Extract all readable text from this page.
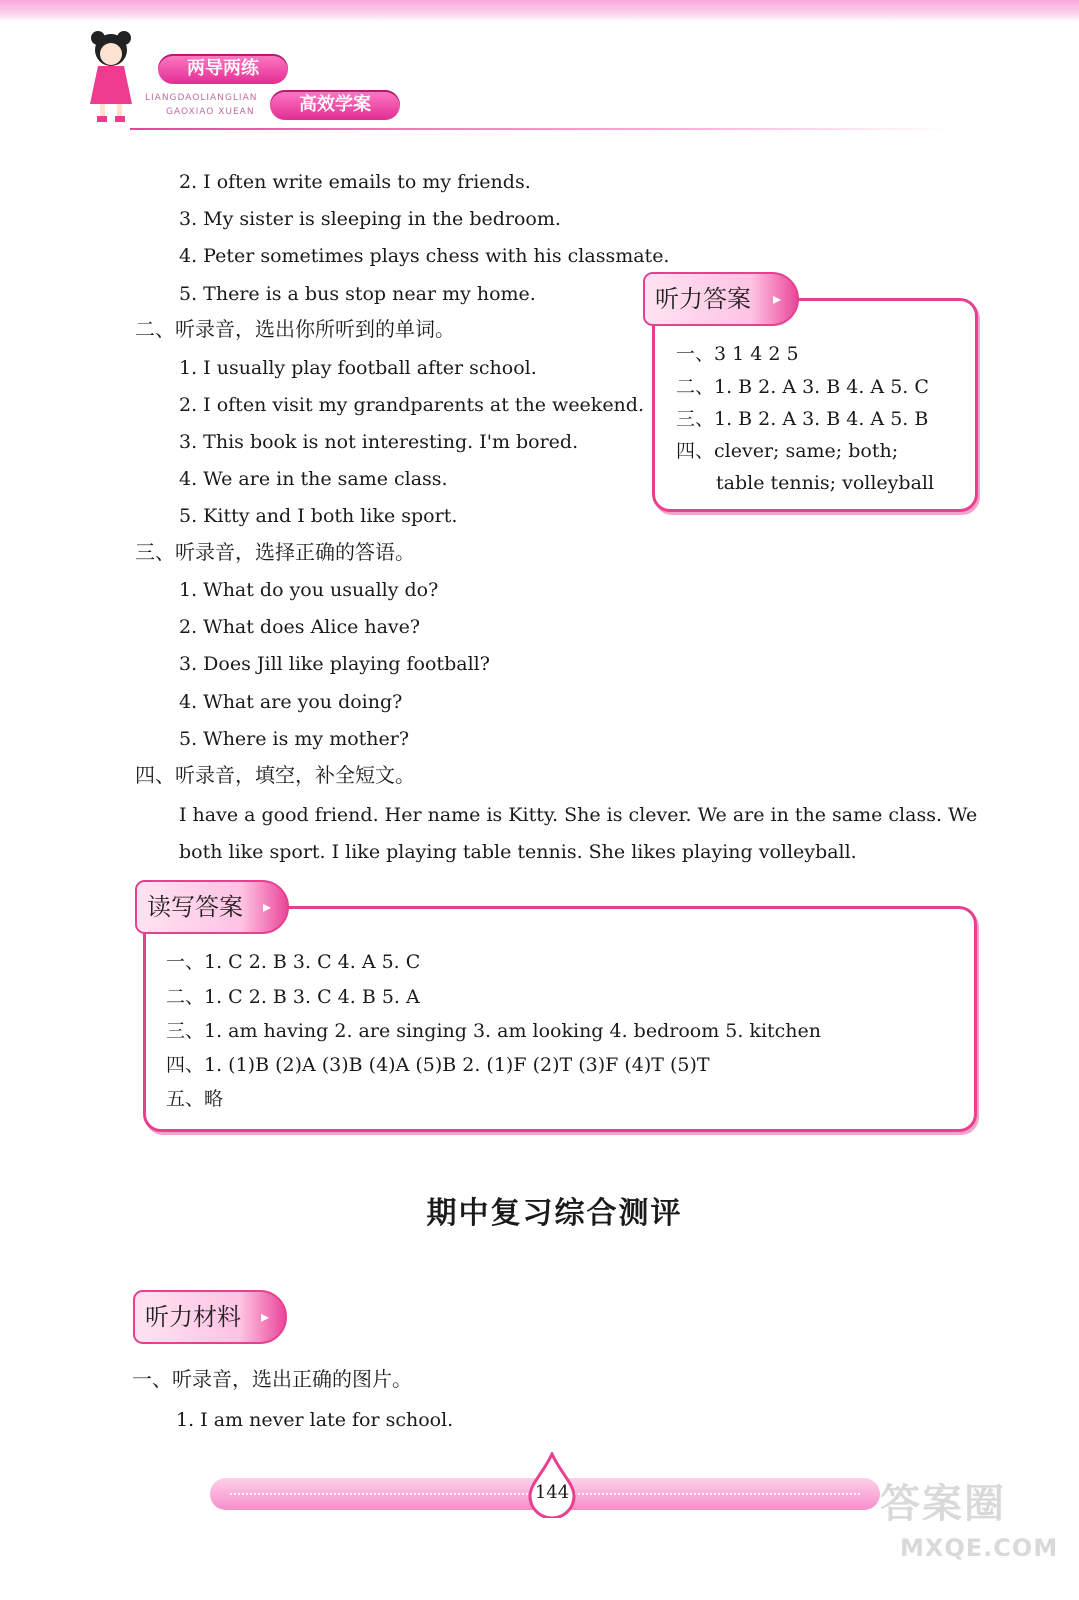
两导两练
LIANGDAOLIANGLIAN
GAOXIAO XUEAN	高效学案
2. I often write emails to my friends.
3. My sister is sleeping in the bedroom.
4. Peter sometimes plays chess with his classmate.
5. There is a bus stop near my home.
二、听录音，选出你所听到的单词。
1. I usually play football after school.
2. I often visit my grandparents at the weekend.
3. This book is not interesting. I'm bored.
4. We are in the same class.
5. Kitty and I both like sport.
三、听录音，选择正确的答语。
1. What do you usually do?
2. What does Alice have?
3. Does Jill like playing football?
4. What are you doing?
5. Where is my mother?
四、听录音，填空，补全短文。
I have a good friend. Her name is Kitty. She is clever. We are in the same class. We
both like sport. I like playing table tennis. She likes playing volleyball.
听力答案 ▸
一、3 1 4 2 5
二、1. B 2. A 3. B 4. A 5. C
三、1. B 2. A 3. B 4. A 5. B
四、clever; same; both;
table tennis; volleyball
读写答案 ▸
一、1. C 2. B 3. C 4. A 5. C
二、1. C 2. B 3. C 4. B 5. A
三、1. am having 2. are singing 3. am looking 4. bedroom 5. kitchen
四、1. (1)B (2)A (3)B (4)A (5)B 2. (1)F (2)T (3)F (4)T (5)T
五、略
期中复习综合测评
听力材料 ▸
一、听录音，选出正确的图片。
1. I am never late for school.
144	答案圈
MXQE.COM
